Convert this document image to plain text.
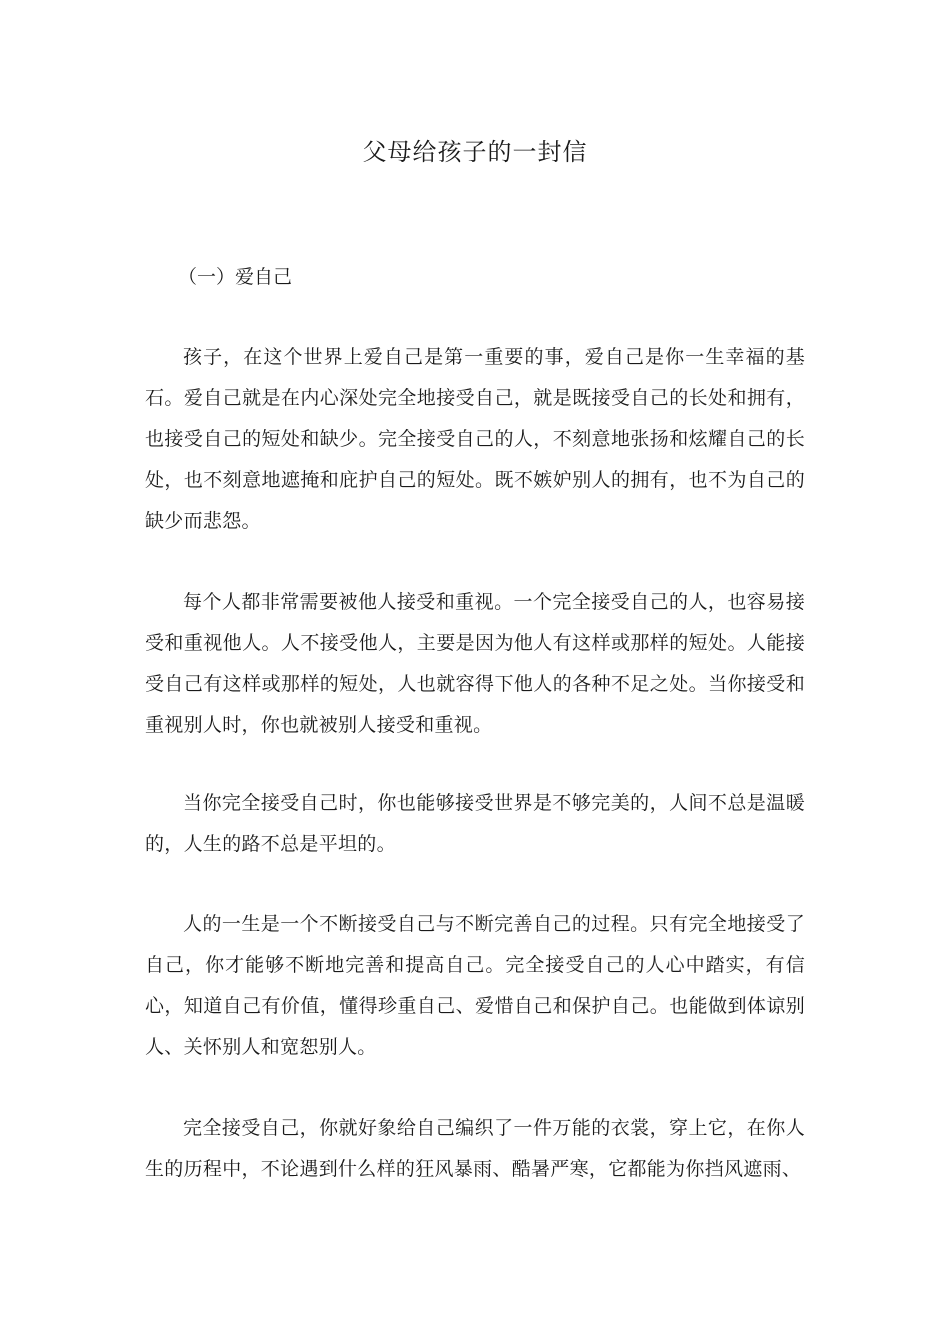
父母给孩子的一封信
（一）爱自己

孩子，在这个世界上爱自己是第一重要的事，爱自己是你一生幸福的基石。爱自己就是在内心深处完全地接受自己，就是既接受自己的长处和拥有，也接受自己的短处和缺少。完全接受自己的人，不刻意地张扬和炫耀自己的长处，也不刻意地遮掩和庇护自己的短处。既不嫉妒别人的拥有，也不为自己的缺少而悲怨。

每个人都非常需要被他人接受和重视。一个完全接受自己的人，也容易接受和重视他人。人不接受他人，主要是因为他人有这样或那样的短处。人能接受自己有这样或那样的短处，人也就容得下他人的各种不足之处。当你接受和重视别人时，你也就被别人接受和重视。

当你完全接受自己时，你也能够接受世界是不够完美的，人间不总是温暖的，人生的路不总是平坦的。

人的一生是一个不断接受自己与不断完善自己的过程。只有完全地接受了自己，你才能够不断地完善和提高自己。完全接受自己的人心中踏实，有信心，知道自己有价值，懂得珍重自己、爱惜自己和保护自己。也能做到体谅别人、关怀别人和宽恕别人。

完全接受自己，你就好象给自己编织了一件万能的衣裳，穿上它，在你人生的历程中，不论遇到什么样的狂风暴雨、酷暑严寒，它都能为你挡风遮雨、
